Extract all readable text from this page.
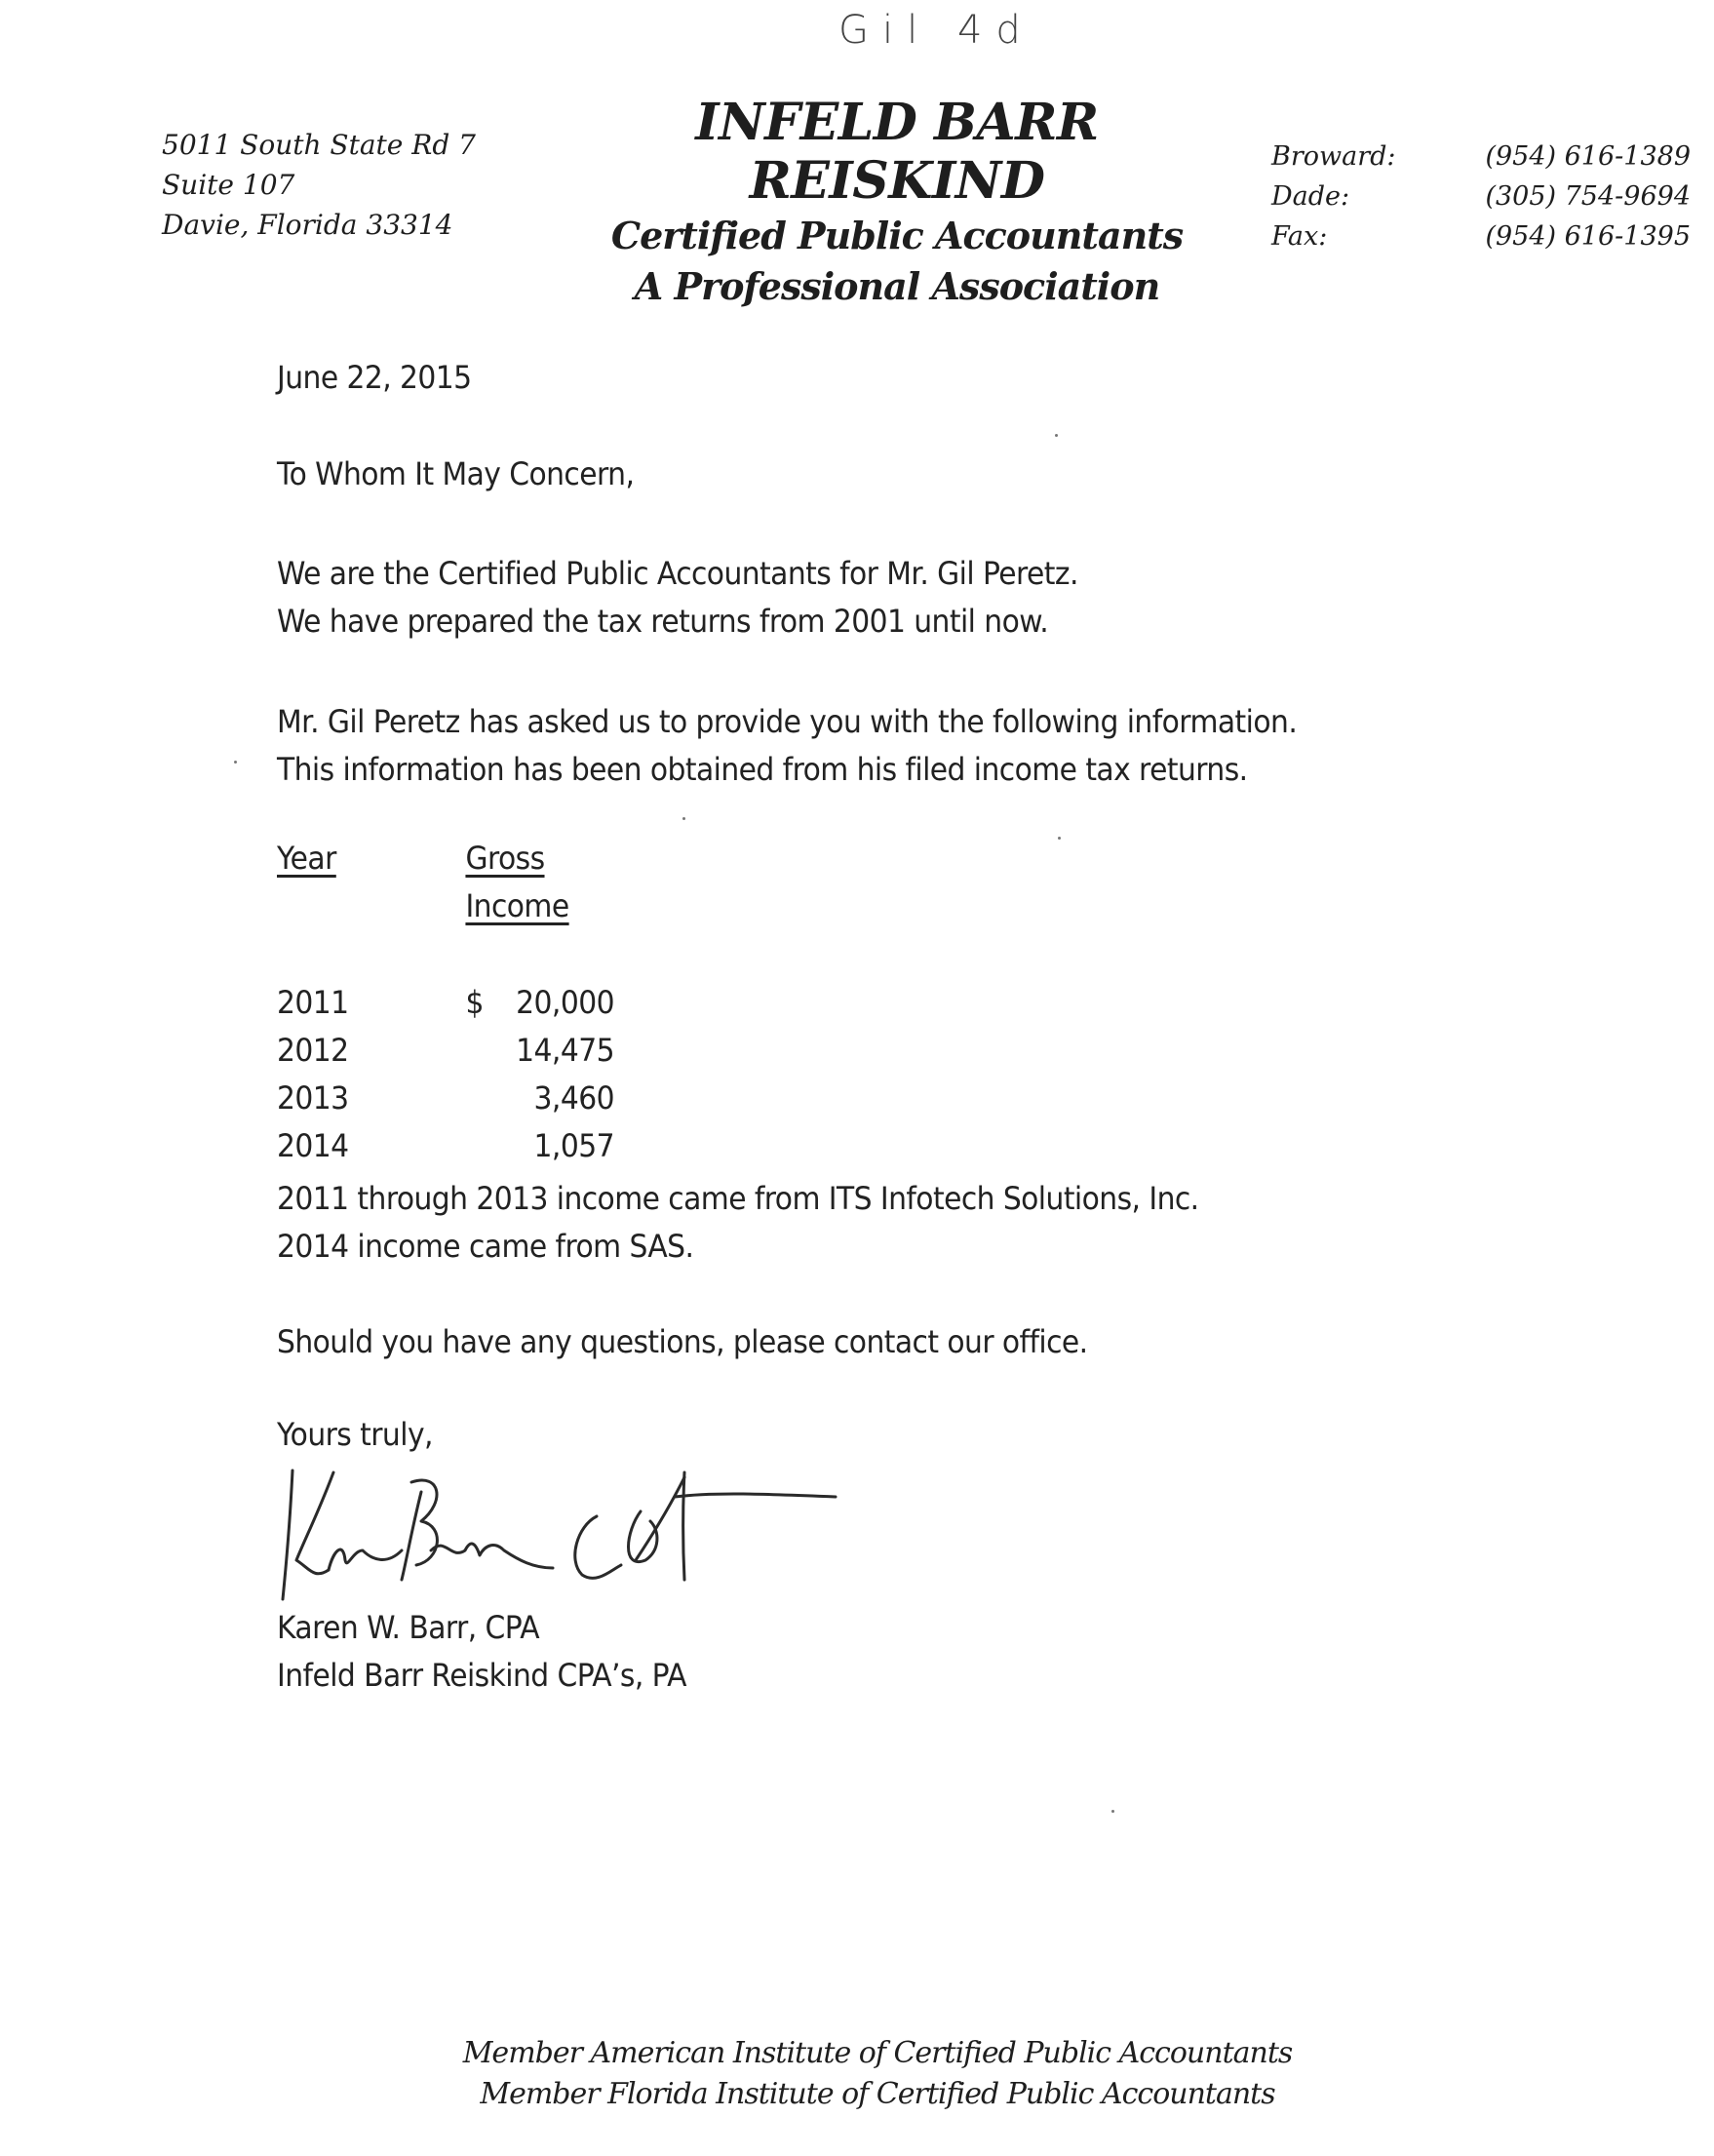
Gil 4d
5011 South State Rd 7
Suite 107
Davie, Florida 33314
INFELD BARR REISKIND
Certified Public Accountants
A Professional Association
Broward:	(954) 616-1389
Dade:	(305) 754-9694
Fax:	(954) 616-1395
June 22, 2015
To Whom It May Concern,
We are the Certified Public Accountants for Mr. Gil Peretz.
We have prepared the tax returns from 2001 until now.
Mr. Gil Peretz has asked us to provide you with the following information.
This information has been obtained from his filed income tax returns.
Year	Gross Income
2011	$	20,000
2012	14,475
2013	3,460
2014	1,057
2011 through 2013 income came from ITS Infotech Solutions, Inc.
2014 income came from SAS.
Should you have any questions, please contact our office.
Yours truly,
Karen W. Barr, CPA
Infeld Barr Reiskind CPA’s, PA
Member American Institute of Certified Public Accountants
Member Florida Institute of Certified Public Accountants
